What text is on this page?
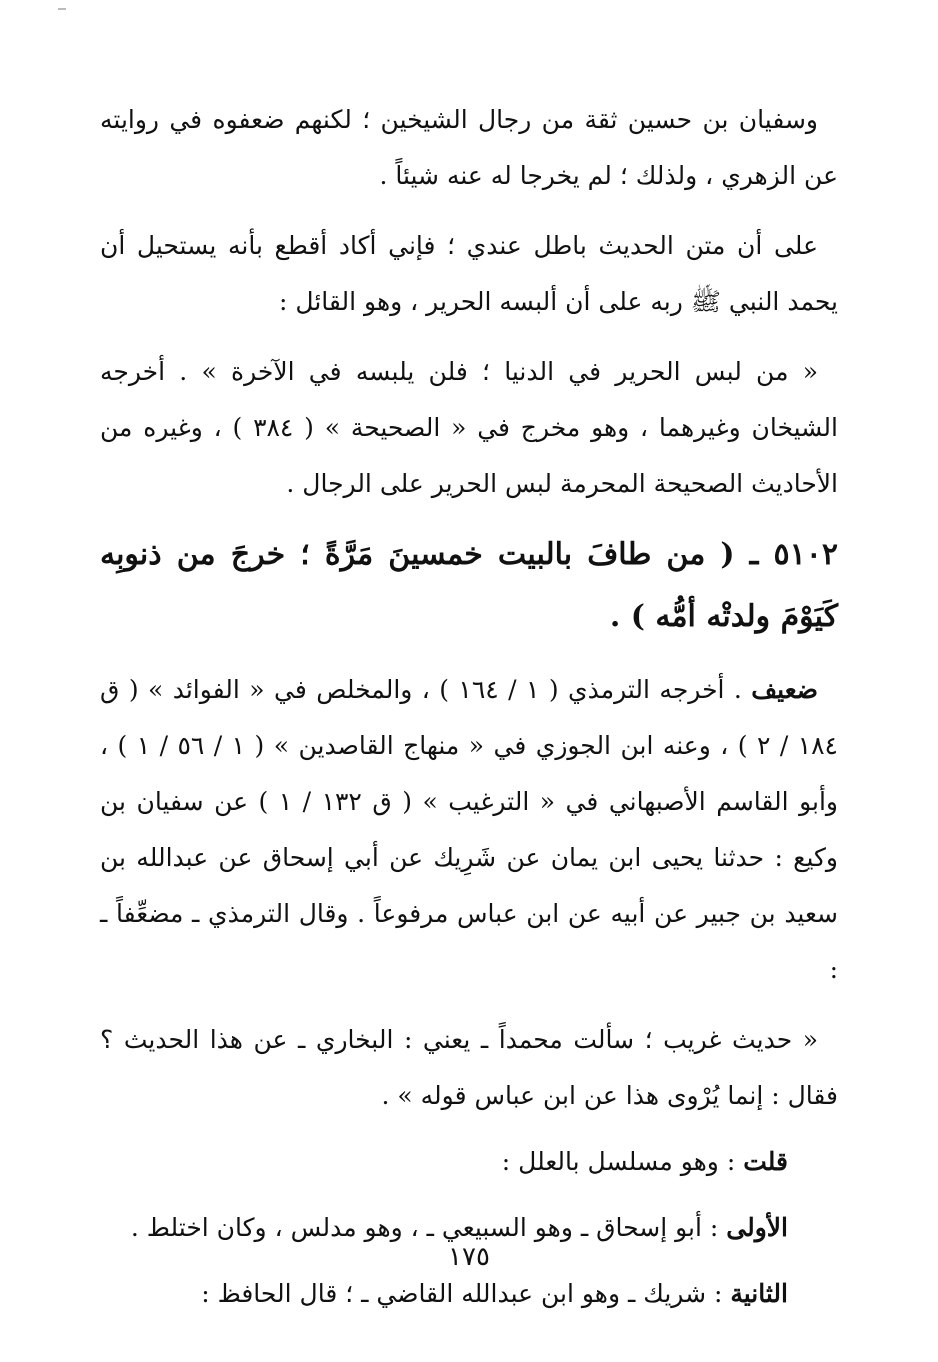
وسفيان بن حسين ثقة من رجال الشيخين ؛ لكنهم ضعفوه في روايته عن الزهري ، ولذلك ؛ لم يخرجا له عنه شيئاً .

على أن متن الحديث باطل عندي ؛ فإني أكاد أقطع بأنه يستحيل أن يحمد النبي ﷺ ربه على أن ألبسه الحرير ، وهو القائل :

« من لبس الحرير في الدنيا ؛ فلن يلبسه في الآخرة » . أخرجه الشيخان وغيرهما ، وهو مخرج في « الصحيحة » ( ٣٨٤ ) ، وغيره من الأحاديث الصحيحة المحرمة لبس الحرير على الرجال .

٥١٠٢ ـ ( من طافَ بالبيت خمسينَ مَرَّةً ؛ خرجَ من ذنوبِه كَيَوْمَ ولدتْه أمُّه ) .

ضعيف . أخرجه الترمذي ( ١ / ١٦٤ ) ، والمخلص في « الفوائد » ( ق ١٨٤ / ٢ ) ، وعنه ابن الجوزي في « منهاج القاصدين » ( ١ / ٥٦ / ١ ) ، وأبو القاسم الأصبهاني في « الترغيب » ( ق ١٣٢ / ١ ) عن سفيان بن وكيع : حدثنا يحيى ابن يمان عن شَرِيك عن أبي إسحاق عن عبدالله بن سعيد بن جبير عن أبيه عن ابن عباس مرفوعاً . وقال الترمذي ـ مضعِّفاً ـ :

« حديث غريب ؛ سألت محمداً ـ يعني : البخاري ـ عن هذا الحديث ؟ فقال : إنما يُرْوى هذا عن ابن عباس قوله » .

قلت : وهو مسلسل بالعلل :

الأولى : أبو إسحاق ـ وهو السبيعي ـ ، وهو مدلس ، وكان اختلط .

الثانية : شريك ـ وهو ابن عبدالله القاضي ـ ؛ قال الحافظ :

١٧٥
